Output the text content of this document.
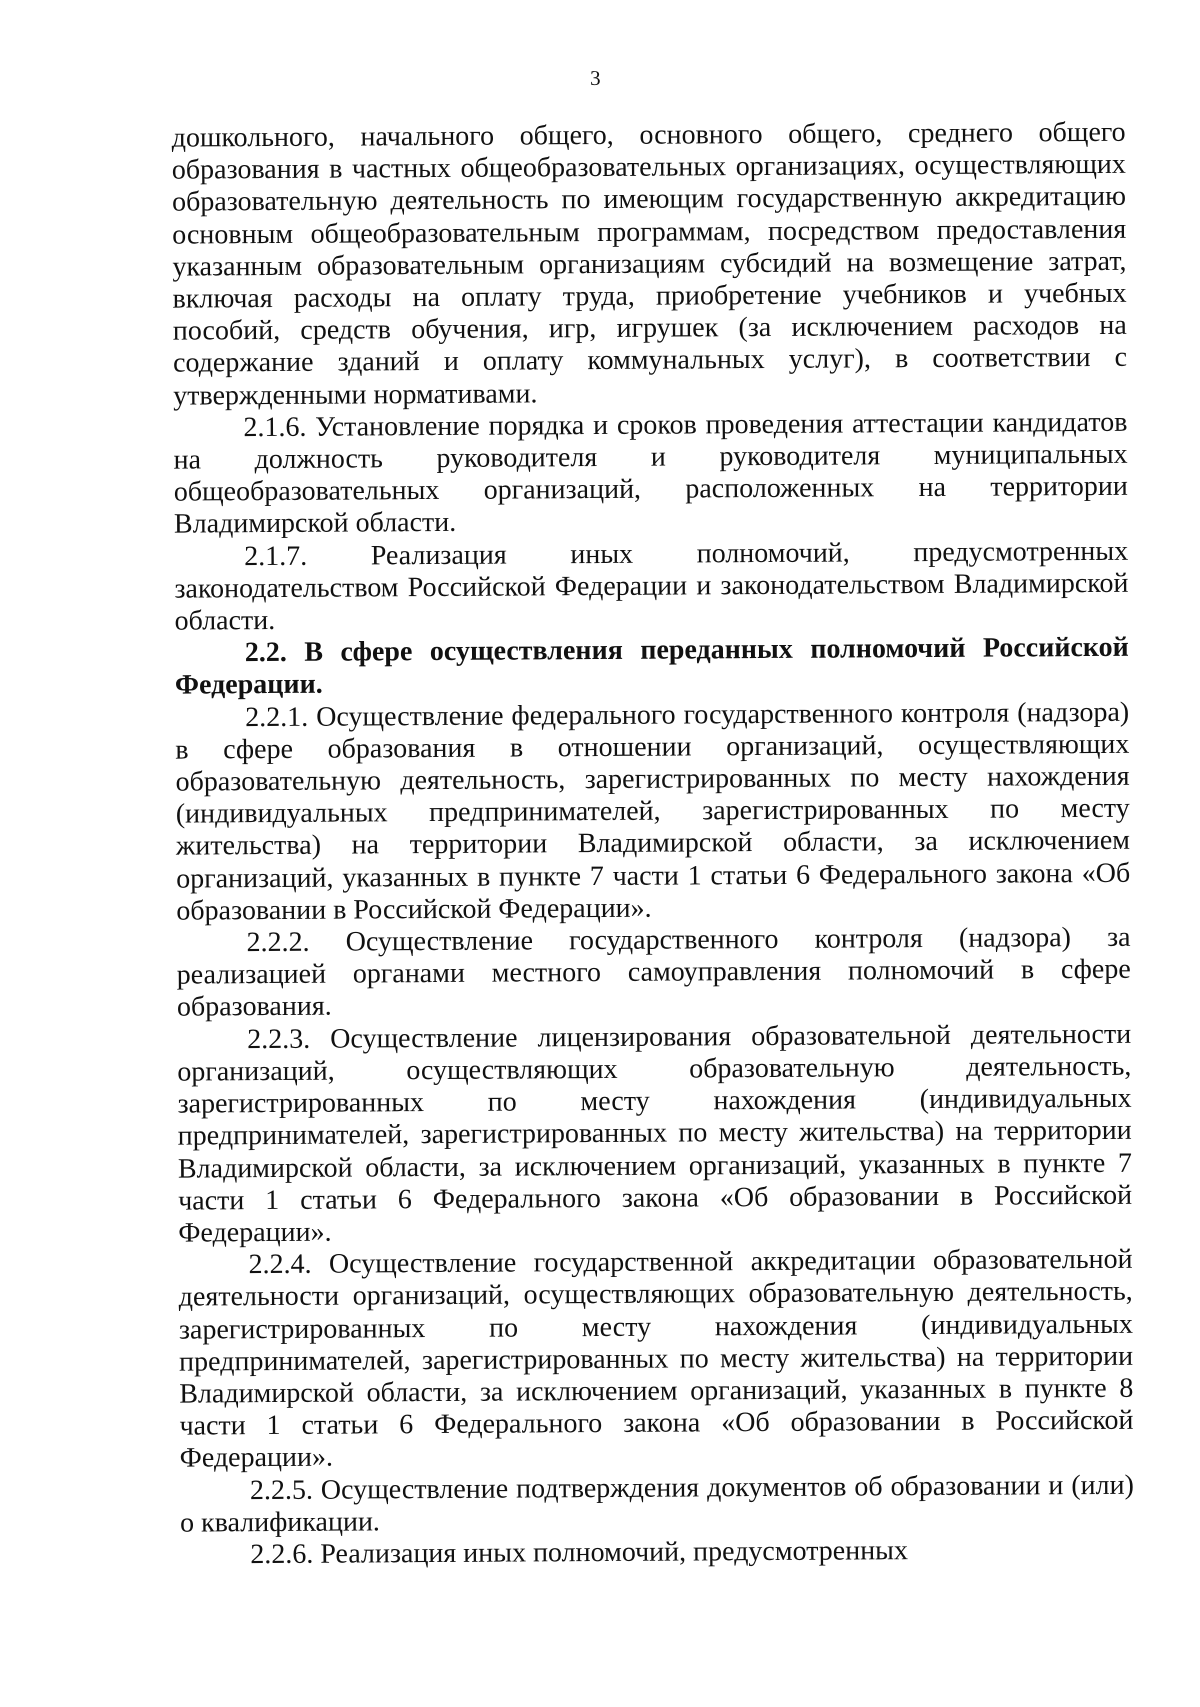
3

дошкольного, начального общего, основного общего, среднего общего образования в частных общеобразовательных организациях, осуществляющих образовательную деятельность по имеющим государственную аккредитацию основным общеобразовательным программам, посредством предоставления указанным образовательным организациям субсидий на возмещение затрат, включая расходы на оплату труда, приобретение учебников и учебных пособий, средств обучения, игр, игрушек (за исключением расходов на содержание зданий и оплату коммунальных услуг), в соответствии с утвержденными нормативами.

2.1.6. Установление порядка и сроков проведения аттестации кандидатов на должность руководителя и руководителя муниципальных общеобразовательных организаций, расположенных на территории Владимирской области.

2.1.7. Реализация иных полномочий, предусмотренных законодательством Российской Федерации и законодательством Владимирской области.

2.2. В сфере осуществления переданных полномочий Российской Федерации.

2.2.1. Осуществление федерального государственного контроля (надзора) в сфере образования в отношении организаций, осуществляющих образовательную деятельность, зарегистрированных по месту нахождения (индивидуальных предпринимателей, зарегистрированных по месту жительства) на территории Владимирской области, за исключением организаций, указанных в пункте 7 части 1 статьи 6 Федерального закона «Об образовании в Российской Федерации».

2.2.2. Осуществление государственного контроля (надзора) за реализацией органами местного самоуправления полномочий в сфере образования.

2.2.3. Осуществление лицензирования образовательной деятельности организаций, осуществляющих образовательную деятельность, зарегистрированных по месту нахождения (индивидуальных предпринимателей, зарегистрированных по месту жительства) на территории Владимирской области, за исключением организаций, указанных в пункте 7 части 1 статьи 6 Федерального закона «Об образовании в Российской Федерации».

2.2.4. Осуществление государственной аккредитации образовательной деятельности организаций, осуществляющих образовательную деятельность, зарегистрированных по месту нахождения (индивидуальных предпринимателей, зарегистрированных по месту жительства) на территории Владимирской области, за исключением организаций, указанных в пункте 8 части 1 статьи 6 Федерального закона «Об образовании в Российской Федерации».

2.2.5. Осуществление подтверждения документов об образовании и (или) о квалификации.

2.2.6. Реализация иных полномочий, предусмотренных
